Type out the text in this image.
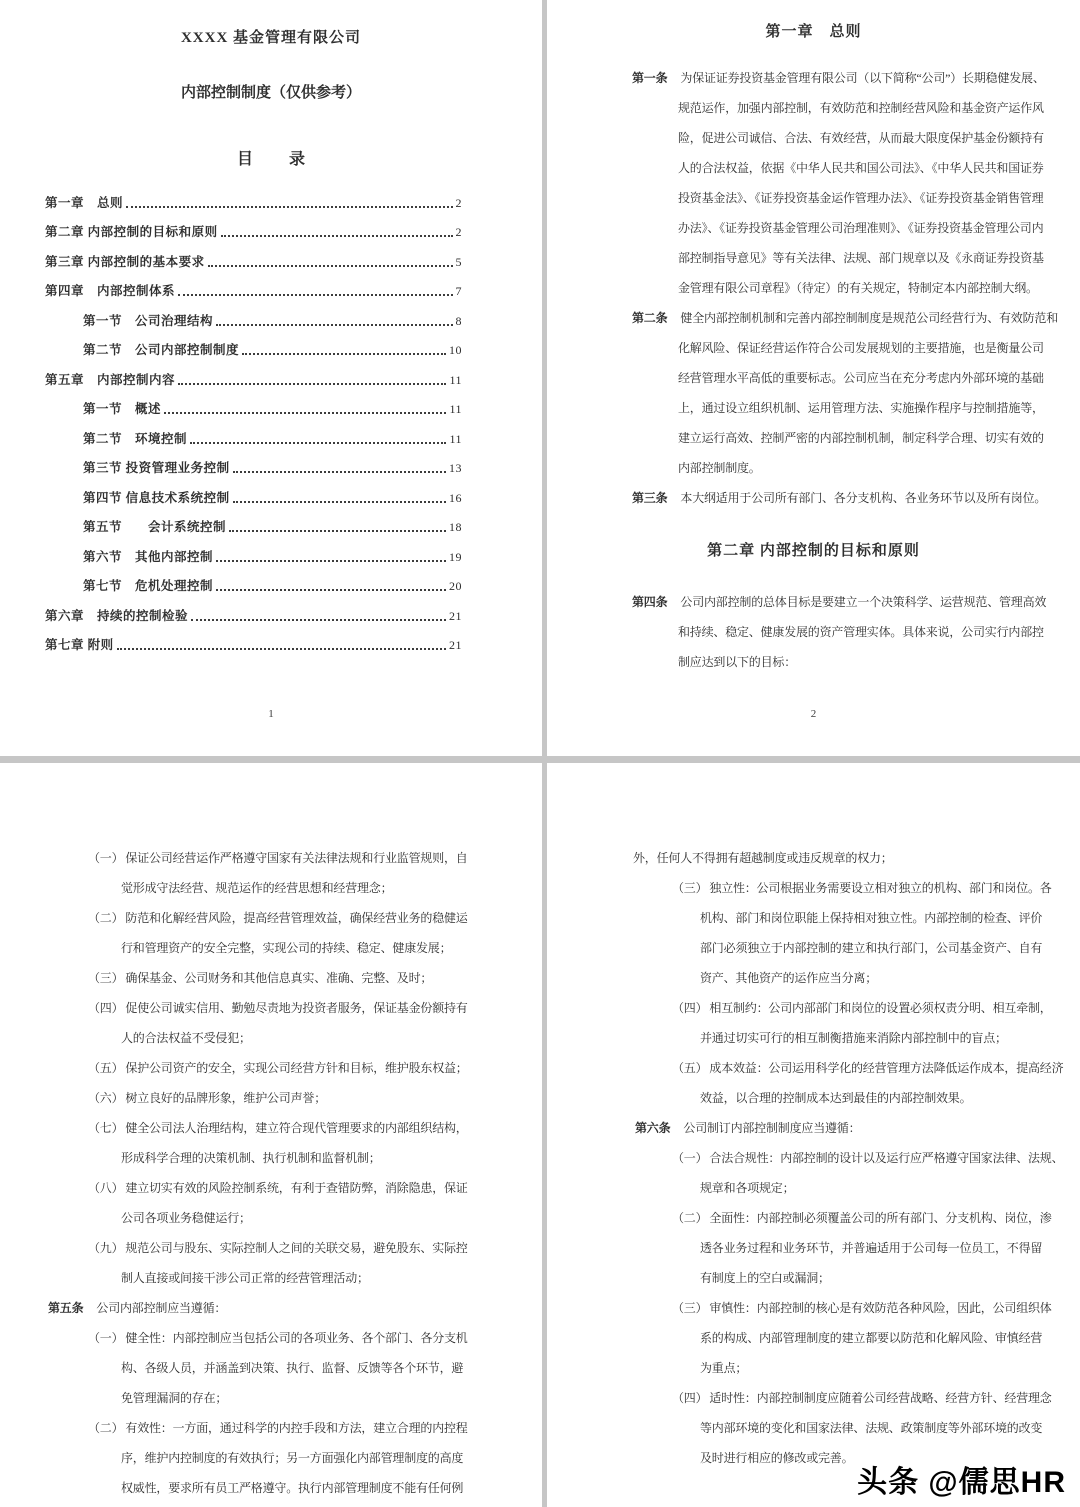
XXXX 基金管理有限公司
内部控制制度（仅供参考）
目　录
第一章　总则	2
第二章 内部控制的目标和原则	2
第三章 内部控制的基本要求	5
第四章　内部控制体系	7
第一节　公司治理结构	8
第二节　公司内部控制制度	10
第五章　内部控制内容	11
第一节　概述	11
第二节　环境控制	11
第三节 投资管理业务控制	13
第四节 信息技术系统控制	16
第五节　　会计系统控制	18
第六节　其他内部控制	19
第七节　危机处理控制	20
第六章　持续的控制检验	21
第七章 附则	21
1
第一章　总则
第一条 为保证证券投资基金管理有限公司（以下简称“公司”）长期稳健发展、
规范运作，加强内部控制，有效防范和控制经营风险和基金资产运作风
险，促进公司诚信、合法、有效经营，从而最大限度保护基金份额持有
人的合法权益，依据《中华人民共和国公司法》、《中华人民共和国证券
投资基金法》、《证券投资基金运作管理办法》、《证券投资基金销售管理
办法》、《证券投资基金管理公司治理准则》、《证券投资基金管理公司内
部控制指导意见》等有关法律、法规、部门规章以及《永商证券投资基
金管理有限公司章程》（待定）的有关规定，特制定本内部控制大纲。
第二条 健全内部控制机制和完善内部控制制度是规范公司经营行为、有效防范和
化解风险、保证经营运作符合公司发展规划的主要措施，也是衡量公司
经营管理水平高低的重要标志。公司应当在充分考虑内外部环境的基础
上，通过设立组织机制、运用管理方法、实施操作程序与控制措施等，
建立运行高效、控制严密的内部控制机制，制定科学合理、切实有效的
内部控制制度。
第三条 本大纲适用于公司所有部门、各分支机构、各业务环节以及所有岗位。
第二章 内部控制的目标和原则
第四条 公司内部控制的总体目标是要建立一个决策科学、运营规范、管理高效
和持续、稳定、健康发展的资产管理实体。具体来说，公司实行内部控
制应达到以下的目标：
2
（一） 保证公司经营运作严格遵守国家有关法律法规和行业监管规则，自
觉形成守法经营、规范运作的经营思想和经营理念；
（二） 防范和化解经营风险，提高经营管理效益，确保经营业务的稳健运
行和管理资产的安全完整，实现公司的持续、稳定、健康发展；
（三） 确保基金、公司财务和其他信息真实、准确、完整、及时；
（四） 促使公司诚实信用、勤勉尽责地为投资者服务，保证基金份额持有
人的合法权益不受侵犯；
（五） 保护公司资产的安全，实现公司经营方针和目标，维护股东权益；
（六） 树立良好的品牌形象，维护公司声誉；
（七） 健全公司法人治理结构，建立符合现代管理要求的内部组织结构，
形成科学合理的决策机制、执行机制和监督机制；
（八） 建立切实有效的风险控制系统，有利于查错防弊，消除隐患，保证
公司各项业务稳健运行；
（九） 规范公司与股东、实际控制人之间的关联交易，避免股东、实际控
制人直接或间接干涉公司正常的经营管理活动；
第五条 公司内部控制应当遵循：
（一） 健全性：内部控制应当包括公司的各项业务、各个部门、各分支机
构、各级人员，并涵盖到决策、执行、监督、反馈等各个环节，避
免管理漏洞的存在；
（二） 有效性：一方面，通过科学的内控手段和方法，建立合理的内控程
序，维护内控制度的有效执行；另一方面强化内部管理制度的高度
权威性，要求所有员工严格遵守。执行内部管理制度不能有任何例
外，任何人不得拥有超越制度或违反规章的权力；
（三） 独立性：公司根据业务需要设立相对独立的机构、部门和岗位。各
机构、部门和岗位职能上保持相对独立性。内部控制的检查、评价
部门必须独立于内部控制的建立和执行部门，公司基金资产、自有
资产、其他资产的运作应当分离；
（四） 相互制约：公司内部部门和岗位的设置必须权责分明、相互牵制，
并通过切实可行的相互制衡措施来消除内部控制中的盲点；
（五） 成本效益：公司运用科学化的经营管理方法降低运作成本，提高经济
效益，以合理的控制成本达到最佳的内部控制效果。
第六条 公司制订内部控制制度应当遵循：
（一） 合法合规性：内部控制的设计以及运行应严格遵守国家法律、法规、
规章和各项规定；
（二） 全面性：内部控制必须覆盖公司的所有部门、分支机构、岗位，渗
透各业务过程和业务环节，并普遍适用于公司每一位员工，不得留
有制度上的空白或漏洞；
（三） 审慎性：内部控制的核心是有效防范各种风险，因此，公司组织体
系的构成、内部管理制度的建立都要以防范和化解风险、审慎经营
为重点；
（四） 适时性：内部控制制度应随着公司经营战略、经营方针、经营理念
等内部环境的变化和国家法律、法规、政策制度等外部环境的改变
及时进行相应的修改或完善。
头条 @儒思HR
